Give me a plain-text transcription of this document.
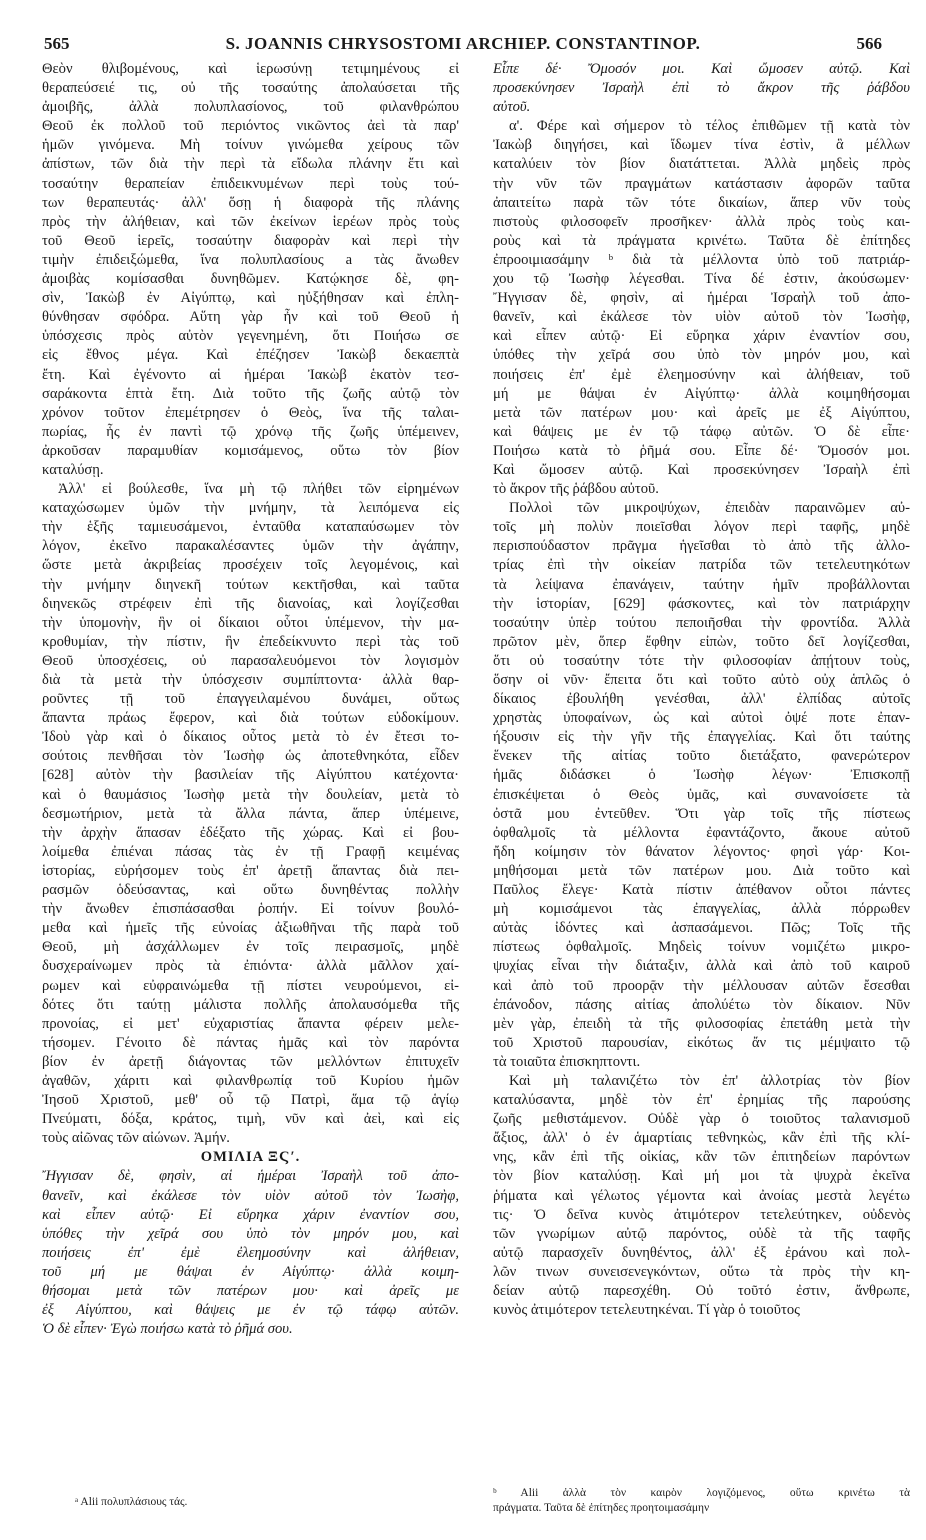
565	S. JOANNIS CHRYSOSTOMI ARCHIEP. CONSTANTINOP.	566
Θεὸν θλιβομένους, καὶ ἱερωσύνῃ τετιμημένους εἰ
θεραπεύσειέ τις, οὐ τῆς τοσαύτης ἀπολαύσεται τῆς
ἀμοιβῆς, ἀλλὰ πολυπλασίονος, τοῦ φιλανθρώπου
Θεοῦ ἐκ πολλοῦ τοῦ περιόντος νικῶντος ἀεὶ τὰ παρ'
ἡμῶν γινόμενα. Μὴ τοίνυν γινώμεθα χείρους τῶν
ἀπίστων, τῶν διὰ τὴν περὶ τὰ εἴδωλα πλάνην ἔτι καὶ
τοσαύτην θεραπείαν ἐπιδεικνυμένων περὶ τοὺς τού-
των θεραπευτάς· ἀλλ' ὅσῃ ἡ διαφορὰ τῆς πλάνης
πρὸς τὴν ἀλήθειαν, καὶ τῶν ἐκείνων ἱερέων πρὸς τοὺς
τοῦ Θεοῦ ἱερεῖς, τοσαύτην διαφορὰν καὶ περὶ τὴν
τιμὴν ἐπιδειξώμεθα, ἵνα πολυπλασίους a τὰς ἄνωθεν
ἀμοιβὰς κομίσασθαι δυνηθῶμεν. Κατῴκησε δὲ, φη-
σὶν, Ἰακὼβ ἐν Αἰγύπτῳ, καὶ ηὐξήθησαν καὶ ἐπλη-
θύνθησαν σφόδρα. Αὕτη γὰρ ἦν καὶ τοῦ Θεοῦ ἡ
ὑπόσχεσις πρὸς αὐτὸν γεγενημένη, ὅτι Ποιήσω σε
εἰς ἔθνος μέγα. Καὶ ἐπέζησεν Ἰακὼβ δεκαεπτὰ
ἔτη. Καὶ ἐγένοντο αἱ ἡμέραι Ἰακὼβ ἑκατὸν τεσ-
σαράκοντα ἑπτὰ ἔτη. Διὰ τοῦτο τῆς ζωῆς αὐτῷ τὸν
χρόνον τοῦτον ἐπεμέτρησεν ὁ Θεὸς, ἵνα τῆς ταλαι-
πωρίας, ἧς ἐν παντὶ τῷ χρόνῳ τῆς ζωῆς ὑπέμεινεν,
ἀρκοῦσαν παραμυθίαν κομισάμενος, οὕτω τὸν βίον
καταλύσῃ.
Ἀλλ' εἰ βούλεσθε, ἵνα μὴ τῷ πλήθει τῶν εἰρημένων
καταχώσωμεν ὑμῶν τὴν μνήμην, τὰ λειπόμενα εἰς
τὴν ἑξῆς ταμιευσάμενοι, ἐνταῦθα καταπαύσωμεν τὸν
λόγον, ἐκεῖνο παρακαλέσαντες ὑμῶν τὴν ἀγάπην,
ὥστε μετὰ ἀκριβείας προσέχειν τοῖς λεγομένοις, καὶ
τὴν μνήμην διηνεκῆ τούτων κεκτῆσθαι, καὶ ταῦτα
διηνεκῶς στρέφειν ἐπὶ τῆς διανοίας, καὶ λογίζεσθαι
τὴν ὑπομονὴν, ἣν οἱ δίκαιοι οὗτοι ὑπέμενον, τὴν μα-
κροθυμίαν, τὴν πίστιν, ἣν ἐπεδείκνυντο περὶ τὰς τοῦ
Θεοῦ ὑποσχέσεις, οὐ παρασαλευόμενοι τὸν λογισμὸν
διὰ τὰ μετὰ τὴν ὑπόσχεσιν συμπίπτοντα· ἀλλὰ θαρ-
ροῦντες τῇ τοῦ ἐπαγγειλαμένου δυνάμει, οὕτως
ἅπαντα πράως ἔφερον, καὶ διὰ τούτων εὐδοκίμουν.
Ἰδοὺ γὰρ καὶ ὁ δίκαιος οὗτος μετὰ τὸ ἐν ἔτεσι το-
σούτοις πενθῆσαι τὸν Ἰωσὴφ ὡς ἀποτεθνηκότα, εἶδεν
[628] αὐτὸν τὴν βασιλείαν τῆς Αἰγύπτου κατέχοντα·
καὶ ὁ θαυμάσιος Ἰωσὴφ μετὰ τὴν δουλείαν, μετὰ τὸ
δεσμωτήριον, μετὰ τὰ ἄλλα πάντα, ἅπερ ὑπέμεινε,
τὴν ἀρχὴν ἅπασαν ἐδέξατο τῆς χώρας. Καὶ εἰ βου-
λοίμεθα ἐπιέναι πάσας τὰς ἐν τῇ Γραφῇ κειμένας
ἱστορίας, εὑρήσομεν τοὺς ἐπ' ἀρετῇ ἅπαντας διὰ πει-
ρασμῶν ὁδεύσαντας, καὶ οὕτω δυνηθέντας πολλὴν
τὴν ἄνωθεν ἐπισπάσασθαι ῥοπήν. Εἰ τοίνυν βουλό-
μεθα καὶ ἡμεῖς τῆς εὐνοίας ἀξιωθῆναι τῆς παρὰ τοῦ
Θεοῦ, μὴ ἀσχάλλωμεν ἐν τοῖς πειρασμοῖς, μηδὲ
δυσχεραίνωμεν πρὸς τὰ ἐπιόντα· ἀλλὰ μᾶλλον χαί-
ρωμεν καὶ εὐφραινώμεθα τῇ πίστει νευρούμενοι, εἰ-
δότες ὅτι ταύτῃ μάλιστα πολλῆς ἀπολαυσόμεθα τῆς
προνοίας, εἰ μετ' εὐχαριστίας ἅπαντα φέρειν μελε-
τήσομεν. Γένοιτο δὲ πάντας ἡμᾶς καὶ τὸν παρόντα
βίον ἐν ἀρετῇ διάγοντας τῶν μελλόντων ἐπιτυχεῖν
ἀγαθῶν, χάριτι καὶ φιλανθρωπίᾳ τοῦ Κυρίου ἡμῶν
Ἰησοῦ Χριστοῦ, μεθ' οὗ τῷ Πατρὶ, ἅμα τῷ ἁγίῳ
Πνεύματι, δόξα, κράτος, τιμὴ, νῦν καὶ ἀεὶ, καὶ εἰς
τοὺς αἰῶνας τῶν αἰώνων. Ἀμήν.
ΟΜΙΛΙΑ ΞϚʹ.
Ἤγγισαν δὲ, φησὶν, αἱ ἡμέραι Ἰσραὴλ τοῦ ἀπο-
θανεῖν, καὶ ἐκάλεσε τὸν υἱὸν αὐτοῦ τὸν Ἰωσὴφ,
καὶ εἶπεν αὐτῷ· Εἰ εὕρηκα χάριν ἐναντίον σου,
ὑπόθες τὴν χεῖρά σου ὑπὸ τὸν μηρόν μου, καὶ
ποιήσεις ἐπ' ἐμὲ ἐλεημοσύνην καὶ ἀλήθειαν,
τοῦ μή με θάψαι ἐν Αἰγύπτῳ· ἀλλὰ κοιμη-
θήσομαι μετὰ τῶν πατέρων μου· καὶ ἀρεῖς με
ἐξ Αἰγύπτου, καὶ θάψεις με ἐν τῷ τάφῳ αὐτῶν.
Ὁ δὲ εἶπεν· Ἐγὼ ποιήσω κατὰ τὸ ῥῆμά σου.
Εἶπε δέ· Ὄμοσόν μοι. Καὶ ὤμοσεν αὐτῷ. Καὶ
προσεκύνησεν Ἰσραὴλ ἐπὶ τὸ ἄκρον τῆς ῥάβδου
αὐτοῦ.
α'. Φέρε καὶ σήμερον τὸ τέλος ἐπιθῶμεν τῇ κατὰ τὸν
Ἰακὼβ διηγήσει, καὶ ἴδωμεν τίνα ἐστὶν, ἃ μέλλων
καταλύειν τὸν βίον διατάττεται. Ἀλλὰ μηδεὶς πρὸς
τὴν νῦν τῶν πραγμάτων κατάστασιν ἀφορῶν ταῦτα
ἀπαιτείτω παρὰ τῶν τότε δικαίων, ἅπερ νῦν τοὺς
πιστοὺς φιλοσοφεῖν προσῆκεν· ἀλλὰ πρὸς τοὺς και-
ροὺς καὶ τὰ πράγματα κρινέτω. Ταῦτα δὲ ἐπίτηδες
ἐπροοιμιασάμην ᵇ διὰ τὰ μέλλοντα ὑπὸ τοῦ πατριάρ-
χου τῷ Ἰωσὴφ λέγεσθαι. Τίνα δέ ἐστιν, ἀκούσωμεν·
Ἤγγισαν δὲ, φησὶν, αἱ ἡμέραι Ἰσραὴλ τοῦ ἀπο-
θανεῖν, καὶ ἐκάλεσε τὸν υἱὸν αὐτοῦ τὸν Ἰωσὴφ,
καὶ εἶπεν αὐτῷ· Εἰ εὕρηκα χάριν ἐναντίον σου,
ὑπόθες τὴν χεῖρά σου ὑπὸ τὸν μηρόν μου, καὶ
ποιήσεις ἐπ' ἐμὲ ἐλεημοσύνην καὶ ἀλήθειαν, τοῦ
μή με θάψαι ἐν Αἰγύπτῳ· ἀλλὰ κοιμηθήσομαι
μετὰ τῶν πατέρων μου· καὶ ἀρεῖς με ἐξ Αἰγύπτου,
καὶ θάψεις με ἐν τῷ τάφῳ αὐτῶν. Ὁ δὲ εἶπε·
Ποιήσω κατὰ τὸ ῥῆμά σου. Εἶπε δέ· Ὄμοσόν μοι.
Καὶ ὤμοσεν αὐτῷ. Καὶ προσεκύνησεν Ἰσραὴλ ἐπὶ
τὸ ἄκρον τῆς ῥάβδου αὐτοῦ.
Πολλοὶ τῶν μικροψύχων, ἐπειδὰν παραινῶμεν αὐ-
τοῖς μὴ πολὺν ποιεῖσθαι λόγον περὶ ταφῆς, μηδὲ
περισπούδαστον πρᾶγμα ἡγεῖσθαι τὸ ἀπὸ τῆς ἀλλο-
τρίας ἐπὶ τὴν οἰκείαν πατρίδα τῶν τετελευτηκότων
τὰ λείψανα ἐπανάγειν, ταύτην ἡμῖν προβάλλονται
τὴν ἱστορίαν, [629] φάσκοντες, καὶ τὸν πατριάρχην
τοσαύτην ὑπὲρ τούτου πεποιῆσθαι τὴν φροντίδα. Ἀλλὰ
πρῶτον μὲν, ὅπερ ἔφθην εἰπὼν, τοῦτο δεῖ λογίζεσθαι,
ὅτι οὐ τοσαύτην τότε τὴν φιλοσοφίαν ἀπῄτουν τοὺς,
ὅσην οἱ νῦν· ἔπειτα ὅτι καὶ τοῦτο αὐτὸ οὐχ ἁπλῶς ὁ
δίκαιος ἐβουλήθη γενέσθαι, ἀλλ' ἐλπίδας αὐτοῖς
χρηστὰς ὑποφαίνων, ὡς καὶ αὐτοὶ ὀψέ ποτε ἐπαν-
ήξουσιν εἰς τὴν γῆν τῆς ἐπαγγελίας. Καὶ ὅτι ταύτης
ἕνεκεν τῆς αἰτίας τοῦτο διετάξατο, φανερώτερον
ἡμᾶς διδάσκει ὁ Ἰωσὴφ λέγων· Ἐπισκοπῇ
ἐπισκέψεται ὁ Θεὸς ὑμᾶς, καὶ συνανοίσετε τὰ
ὀστᾶ μου ἐντεῦθεν. Ὅτι γὰρ τοῖς τῆς πίστεως
ὀφθαλμοῖς τὰ μέλλοντα ἐφαντάζοντο, ἄκουε αὐτοῦ
ἤδη κοίμησιν τὸν θάνατον λέγοντος· φησὶ γάρ· Κοι-
μηθήσομαι μετὰ τῶν πατέρων μου. Διὰ τοῦτο καὶ
Παῦλος ἔλεγε· Κατὰ πίστιν ἀπέθανον οὗτοι πάντες
μὴ κομισάμενοι τὰς ἐπαγγελίας, ἀλλὰ πόρρωθεν
αὐτὰς ἰδόντες καὶ ἀσπασάμενοι. Πῶς; Τοῖς τῆς
πίστεως ὀφθαλμοῖς. Μηδεὶς τοίνυν νομιζέτω μικρο-
ψυχίας εἶναι τὴν διάταξιν, ἀλλὰ καὶ ἀπὸ τοῦ καιροῦ
καὶ ἀπὸ τοῦ προορᾷν τὴν μέλλουσαν αὐτῶν ἔσεσθαι
ἐπάνοδον, πάσης αἰτίας ἀπολύέτω τὸν δίκαιον. Νῦν
μὲν γὰρ, ἐπειδὴ τὰ τῆς φιλοσοφίας ἐπετάθη μετὰ τὴν
τοῦ Χριστοῦ παρουσίαν, εἰκότως ἄν τις μέμψαιτο τῷ
τὰ τοιαῦτα ἐπισκηπτοντι.
Καὶ μὴ ταλανιζέτω τὸν ἐπ' ἀλλοτρίας τὸν βίον
καταλύσαντα, μηδὲ τὸν ἐπ' ἐρημίας τῆς παρούσης
ζωῆς μεθιστάμενον. Οὐδὲ γὰρ ὁ τοιοῦτος ταλανισμοῦ
ἄξιος, ἀλλ' ὁ ἐν ἁμαρτίαις τεθνηκὼς, κἂν ἐπὶ τῆς κλί-
νης, κἂν ἐπὶ τῆς οἰκίας, κἂν τῶν ἐπιτηδείων παρόντων
τὸν βίον καταλύσῃ. Καὶ μή μοι τὰ ψυχρὰ ἐκεῖνα
ῥήματα καὶ γέλωτος γέμοντα καὶ ἀνοίας μεστὰ λεγέτω
τις· Ὁ δεῖνα κυνὸς ἀτιμότερον τετελεύτηκεν, οὐδενὸς
τῶν γνωρίμων αὐτῷ παρόντος, οὐδὲ τὰ τῆς ταφῆς
αὐτῷ παρασχεῖν δυνηθέντος, ἀλλ' ἐξ ἐράνου καὶ πολ-
λῶν τινων συνεισενεγκόντων, οὕτω τὰ πρὸς τὴν κη-
δείαν αὐτῷ παρεσχέθη. Οὐ τοῦτό ἐστιν, ἄνθρωπε,
κυνὸς ἀτιμότερον τετελευτηκέναι. Τί γὰρ ὁ τοιοῦτος
ᵃ Alii πολυπλάσιους τάς.
ᵇ Alii ἀλλὰ τὸν καιρὸν λογιζόμενος, οὕτω κρινέτω τὰ
πράγματα. Ταῦτα δὲ ἐπίτηδες προητοιμασάμην
